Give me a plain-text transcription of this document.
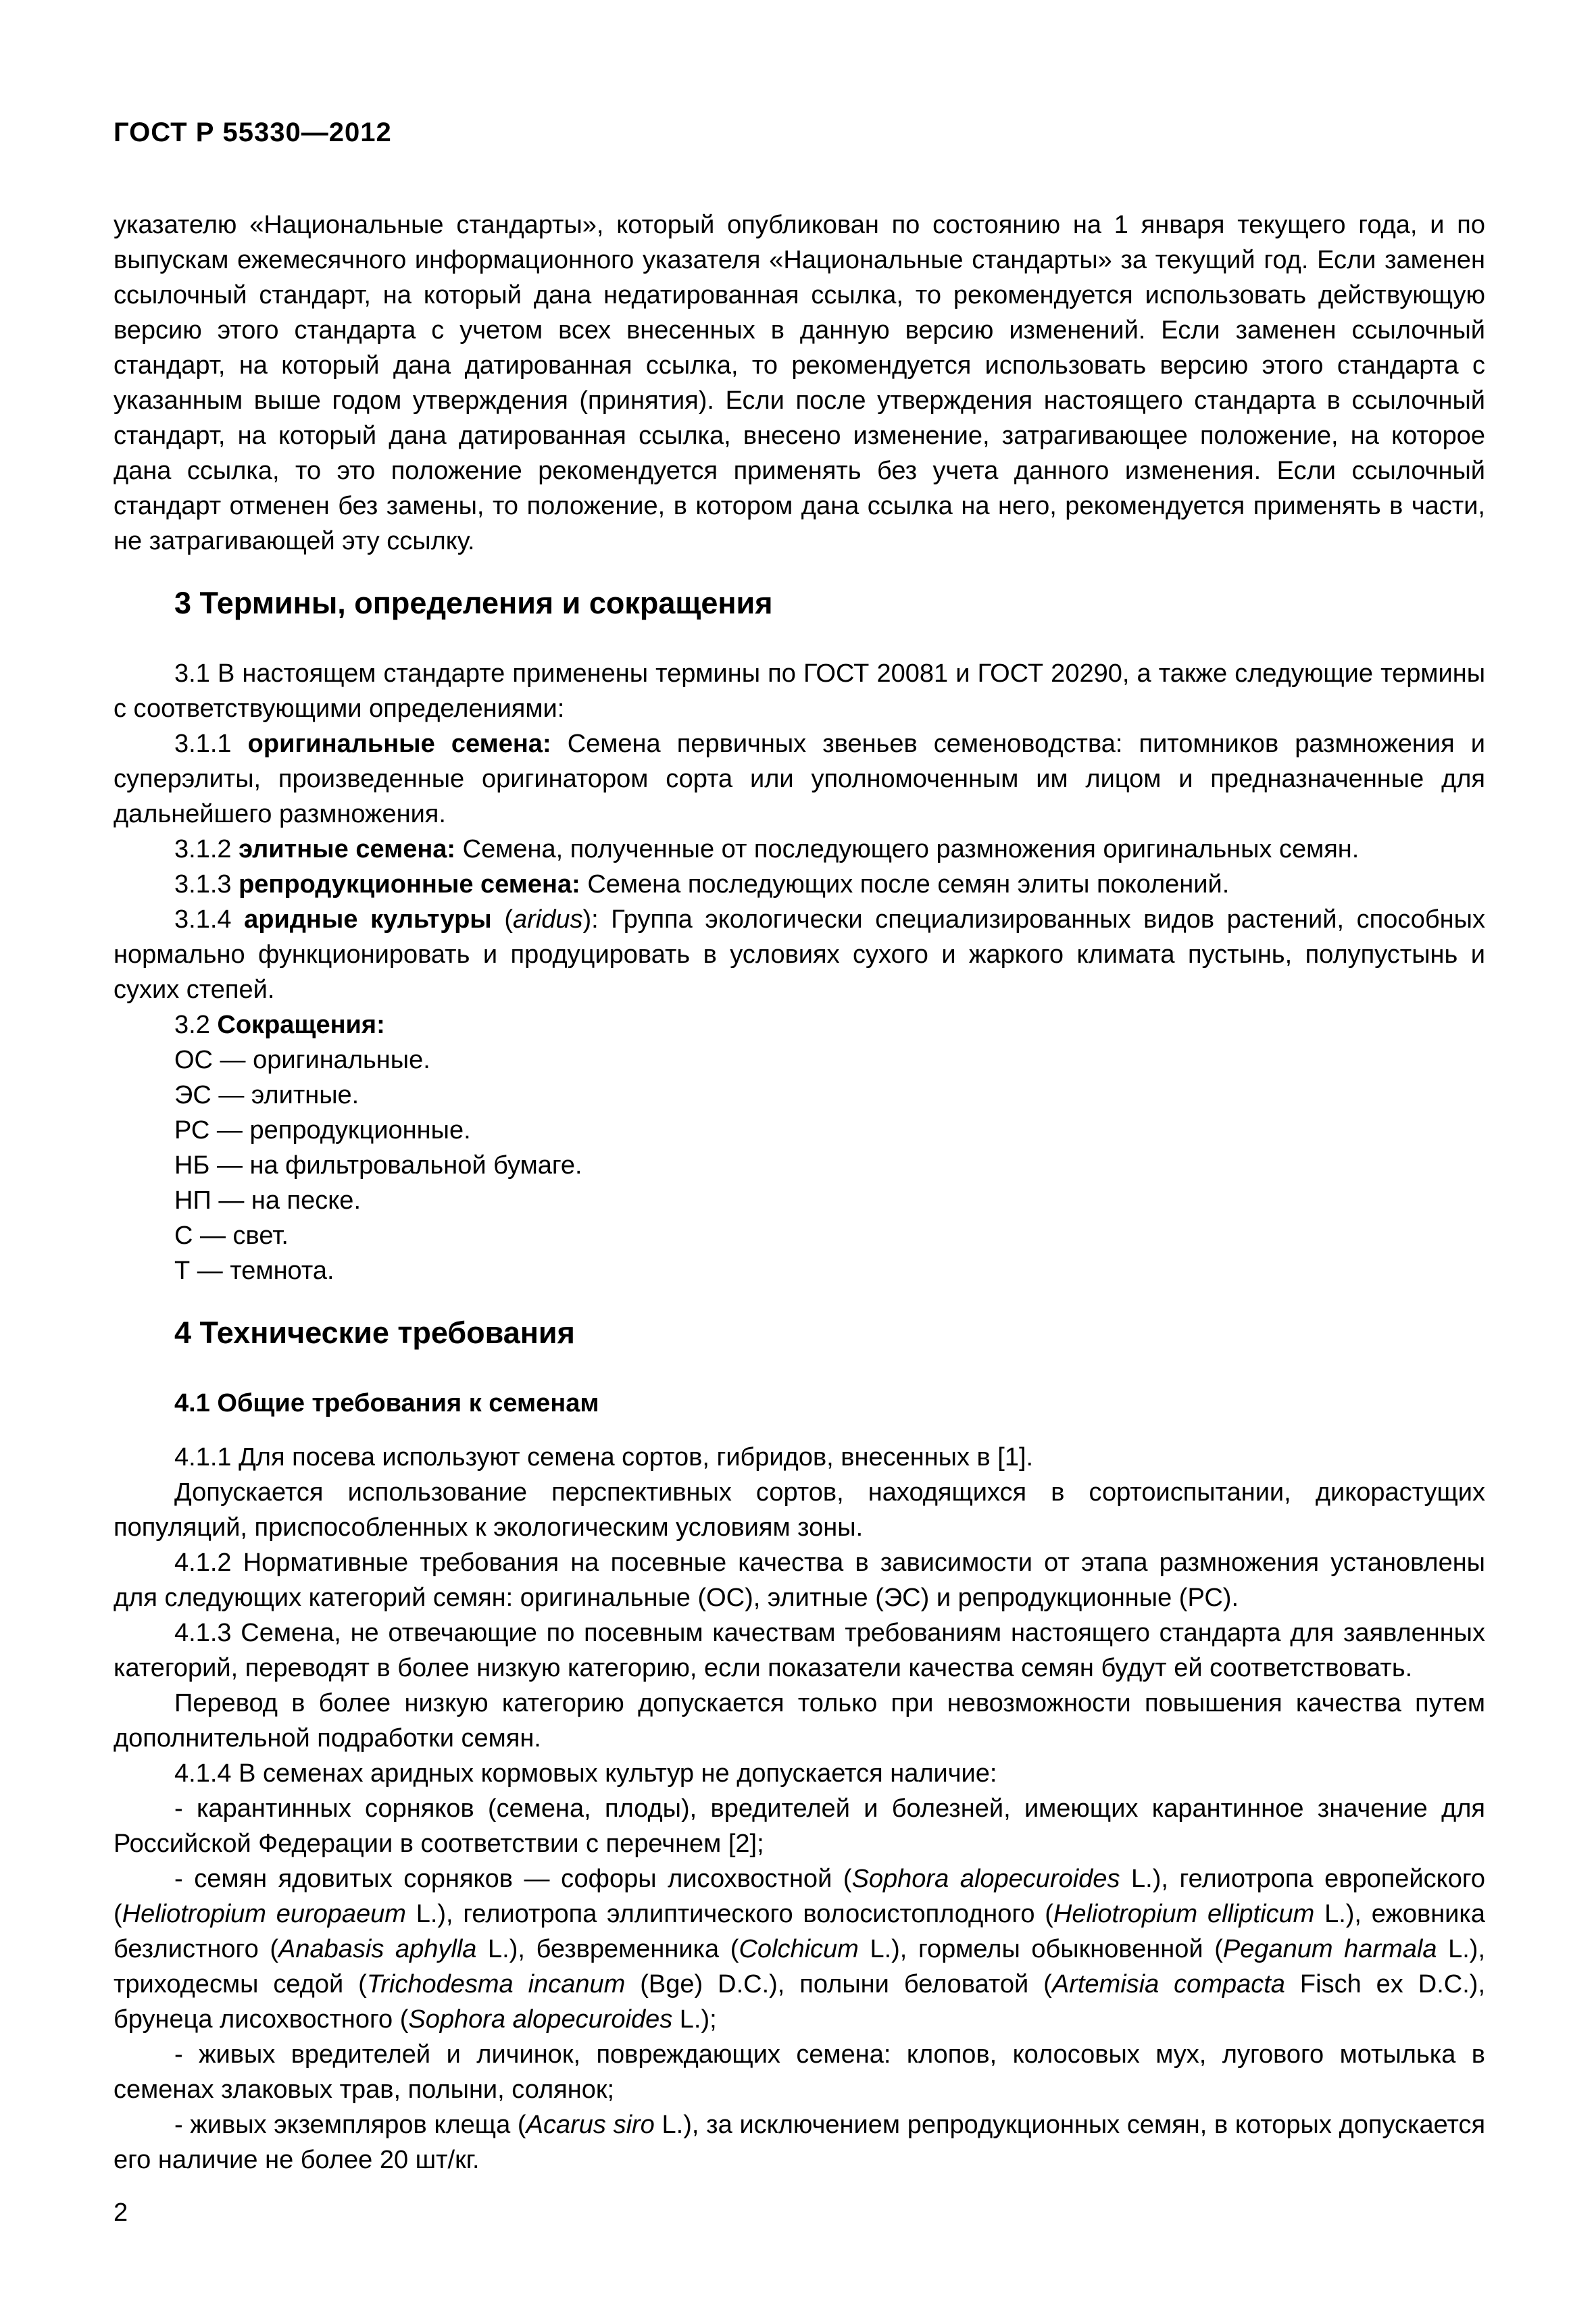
ГОСТ Р 55330—2012

указателю «Национальные стандарты», который опубликован по состоянию на 1 января текущего года, и по выпускам ежемесячного информационного указателя «Национальные стандарты» за текущий год. Если заменен ссылочный стандарт, на который дана недатированная ссылка, то рекомендуется использовать действующую версию этого стандарта с учетом всех внесенных в данную версию изменений. Если заменен ссылочный стандарт, на который дана датированная ссылка, то рекомендуется использовать версию этого стандарта с указанным выше годом утверждения (принятия). Если после утверждения настоящего стандарта в ссылочный стандарт, на который дана датированная ссылка, внесено изменение, затрагивающее положение, на которое дана ссылка, то это положение рекомендуется применять без учета данного изменения. Если ссылочный стандарт отменен без замены, то положение, в котором дана ссылка на него, рекомендуется применять в части, не затрагивающей эту ссылку.

3 Термины, определения и сокращения

3.1 В настоящем стандарте применены термины по ГОСТ 20081 и ГОСТ 20290, а также следующие термины с соответствующими определениями:

3.1.1 оригинальные семена: Семена первичных звеньев семеноводства: питомников размножения и суперэлиты, произведенные оригинатором сорта или уполномоченным им лицом и предназначенные для дальнейшего размножения.

3.1.2 элитные семена: Семена, полученные от последующего размножения оригинальных семян.

3.1.3 репродукционные семена: Семена последующих после семян элиты поколений.

3.1.4 аридные культуры (aridus): Группа экологически специализированных видов растений, способных нормально функционировать и продуцировать в условиях сухого и жаркого климата пустынь, полупустынь и сухих степей.

3.2 Сокращения:

ОС — оригинальные.

ЭС — элитные.

РС — репродукционные.

НБ — на фильтровальной бумаге.

НП — на песке.

С — свет.

Т — темнота.

4 Технические требования
4.1 Общие требования к семенам

4.1.1 Для посева используют семена сортов, гибридов, внесенных в [1].

Допускается использование перспективных сортов, находящихся в сортоиспытании, дикорастущих популяций, приспособленных к экологическим условиям зоны.

4.1.2 Нормативные требования на посевные качества в зависимости от этапа размножения установлены для следующих категорий семян: оригинальные (ОС), элитные (ЭС) и репродукционные (РС).

4.1.3 Семена, не отвечающие по посевным качествам требованиям настоящего стандарта для заявленных категорий, переводят в более низкую категорию, если показатели качества семян будут ей соответствовать.

Перевод в более низкую категорию допускается только при невозможности повышения качества путем дополнительной подработки семян.

4.1.4 В семенах аридных кормовых культур не допускается наличие:

- карантинных сорняков (семена, плоды), вредителей и болезней, имеющих карантинное значение для Российской Федерации в соответствии с перечнем [2];

- семян ядовитых сорняков — софоры лисохвостной (Sophora alopecuroides L.), гелиотропа европейского (Heliotropium europaeum L.), гелиотропа эллиптического волосистоплодного (Heliotropium ellipticum L.), ежовника безлистного (Anabasis aphylla L.), безвременника (Colchicum L.), гормелы обыкновенной (Peganum harmala L.), триходесмы седой (Trichodesma incanum (Bge) D.C.), полыни беловатой (Artemisia compacta Fisch ex D.C.), брунеца лисохвостного (Sophora alopecuroides L.);

- живых вредителей и личинок, повреждающих семена: клопов, колосовых мух, лугового мотылька в семенах злаковых трав, полыни, солянок;

- живых экземпляров клеща (Acarus siro L.), за исключением репродукционных семян, в которых допускается его наличие не более 20 шт/кг.

2
